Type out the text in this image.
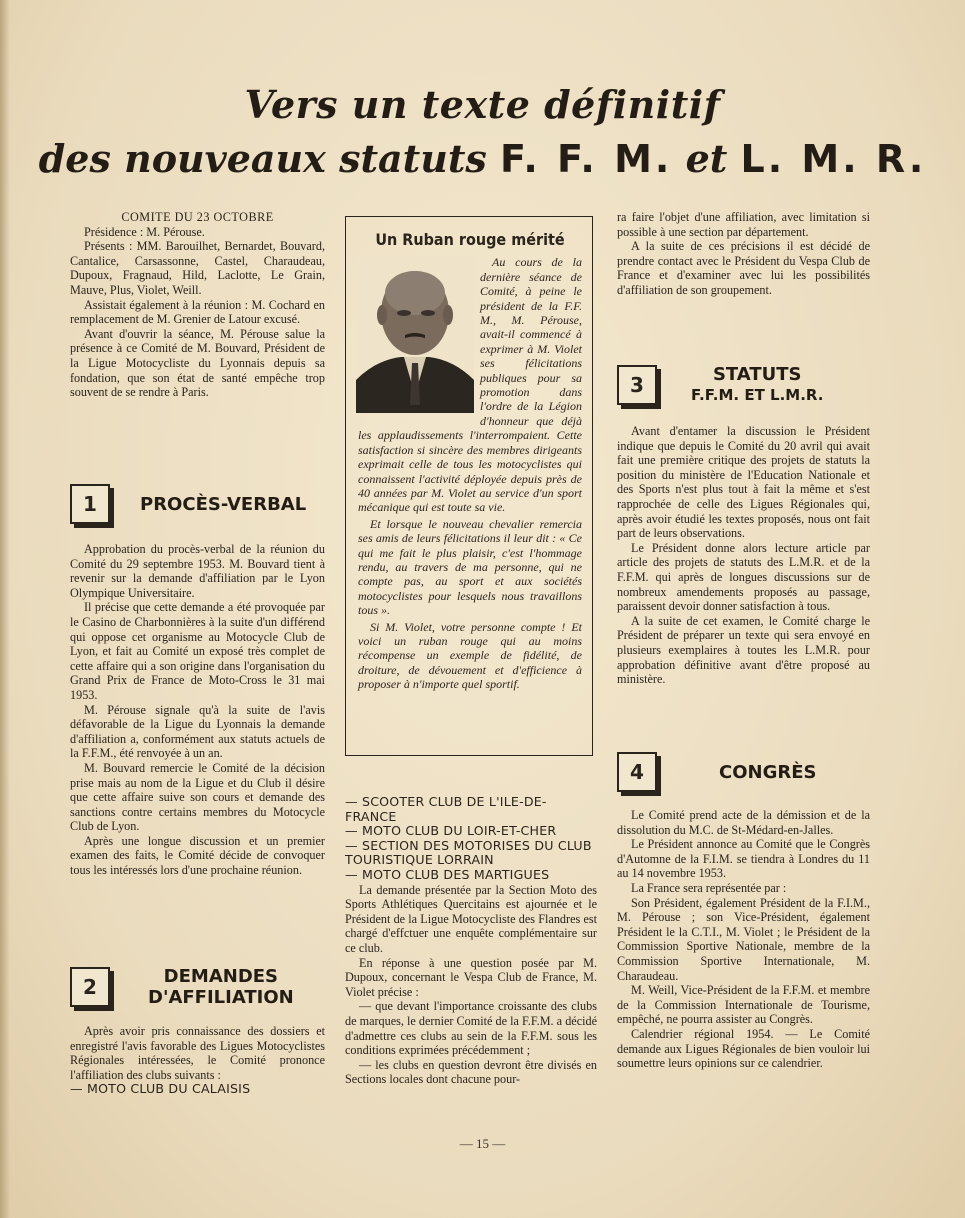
Vers un texte définitif
des nouveaux statuts F. F. M. et L. M. R.

COMITE DU 23 OCTOBRE

Présidence : M. Pérouse.

Présents : MM. Barouilhet, Bernardet, Bouvard, Cantalice, Carsassonne, Castel, Charaudeau, Dupoux, Fragnaud, Hild, Laclotte, Le Grain, Mauve, Plus, Violet, Weill.

Assistait également à la réunion : M. Cochard en remplacement de M. Grenier de Latour excusé.

Avant d'ouvrir la séance, M. Pérouse salue la présence à ce Comité de M. Bouvard, Président de la Ligue Motocycliste du Lyonnais depuis sa fondation, que son état de santé empêche trop souvent de se rendre à Paris.

1	PROCÈS-VERBAL

Approbation du procès-verbal de la réunion du Comité du 29 septembre 1953. M. Bouvard tient à revenir sur la demande d'affiliation par le Lyon Olympique Universitaire.

Il précise que cette demande a été provoquée par le Casino de Charbonnières à la suite d'un différend qui oppose cet organisme au Motocycle Club de Lyon, et fait au Comité un exposé très complet de cette affaire qui a son origine dans l'organisation du Grand Prix de France de Moto-Cross le 31 mai 1953.

M. Pérouse signale qu'à la suite de l'avis défavorable de la Ligue du Lyonnais la demande d'affiliation a, conformément aux statuts actuels de la F.F.M., été renvoyée à un an.

M. Bouvard remercie le Comité de la décision prise mais au nom de la Ligue et du Club il désire que cette affaire suive son cours et demande des sanctions contre certains membres du Motocycle Club de Lyon.

Après une longue discussion et un premier examen des faits, le Comité décide de convoquer tous les intéressés lors d'une prochaine réunion.

2	DEMANDES
D'AFFILIATION

Après avoir pris connaissance des dossiers et enregistré l'avis favorable des Ligues Motocyclistes Régionales intéressées, le Comité prononce l'affiliation des clubs suivants :

— MOTO CLUB DU CALAISIS

Un Ruban rouge mérité

Au cours de la dernière séance de Comité, à peine le président de la F.F. M., M. Pérouse, avait-il commencé à exprimer à M. Violet ses félicitations publiques pour sa promotion dans l'ordre de la Légion d'honneur que déjà les applaudissements l'interrompaient. Cette satisfaction si sincère des membres dirigeants exprimait celle de tous les motocyclistes qui connaissent l'activité déployée depuis près de 40 années par M. Violet au service d'un sport mécanique qui est toute sa vie.

Et lorsque le nouveau chevalier remercia ses amis de leurs félicitations il leur dit : « Ce qui me fait le plus plaisir, c'est l'hommage rendu, au travers de ma personne, qui ne compte pas, au sport et aux sociétés motocyclistes pour lesquels nous travaillons tous ».

Si M. Violet, votre personne compte ! Et voici un ruban rouge qui au moins récompense un exemple de fidélité, de droiture, de dévouement et d'efficience à proposer à n'importe quel sportif.

— SCOOTER CLUB DE L'ILE-DE-FRANCE

— MOTO CLUB DU LOIR-ET-CHER

— SECTION DES MOTORISES DU CLUB TOURISTIQUE LORRAIN

— MOTO CLUB DES MARTIGUES

La demande présentée par la Section Moto des Sports Athlétiques Quercitains est ajournée et le Président de la Ligue Motocycliste des Flandres est chargé d'effctuer une enquête complémentaire sur ce club.

En réponse à une question posée par M. Dupoux, concernant le Vespa Club de France, M. Violet précise :

— que devant l'importance croissante des clubs de marques, le dernier Comité de la F.F.M. a décidé d'admettre ces clubs au sein de la F.F.M. sous les conditions exprimées précédemment ;

— les clubs en question devront être divisés en Sections locales dont chacune pour-

ra faire l'objet d'une affiliation, avec limitation si possible à une section par département.

A la suite de ces précisions il est décidé de prendre contact avec le Président du Vespa Club de France et d'examiner avec lui les possibilités d'affiliation de son groupement.

3	STATUTS
F.F.M. ET L.M.R.

Avant d'entamer la discussion le Président indique que depuis le Comité du 20 avril qui avait fait une première critique des projets de statuts la position du ministère de l'Education Nationale et des Sports n'est plus tout à fait la même et s'est rapprochée de celle des Ligues Régionales qui, après avoir étudié les textes proposés, nous ont fait part de leurs observations.

Le Président donne alors lecture article par article des projets de statuts des L.M.R. et de la F.F.M. qui après de longues discussions sur de nombreux amendements proposés au passage, paraissent devoir donner satisfaction à tous.

A la suite de cet examen, le Comité charge le Président de préparer un texte qui sera envoyé en plusieurs exemplaires à toutes les L.M.R. pour approbation définitive avant d'être proposé au ministère.

4	CONGRÈS

Le Comité prend acte de la démission et de la dissolution du M.C. de St-Médard-en-Jalles.

Le Président annonce au Comité que le Congrès d'Automne de la F.I.M. se tiendra à Londres du 11 au 14 novembre 1953.

La France sera représentée par :

Son Président, également Président de la F.I.M., M. Pérouse ; son Vice-Président, également Président le la C.T.I., M. Violet ; le Président de la Commission Sportive Nationale, membre de la Commission Sportive Internationale, M. Charaudeau.

M. Weill, Vice-Président de la F.F.M. et membre de la Commission Internationale de Tourisme, empêché, ne pourra assister au Congrès.

Calendrier régional 1954. — Le Comité demande aux Ligues Régionales de bien vouloir lui soumettre leurs opinions sur ce calendrier.

— 15 —
